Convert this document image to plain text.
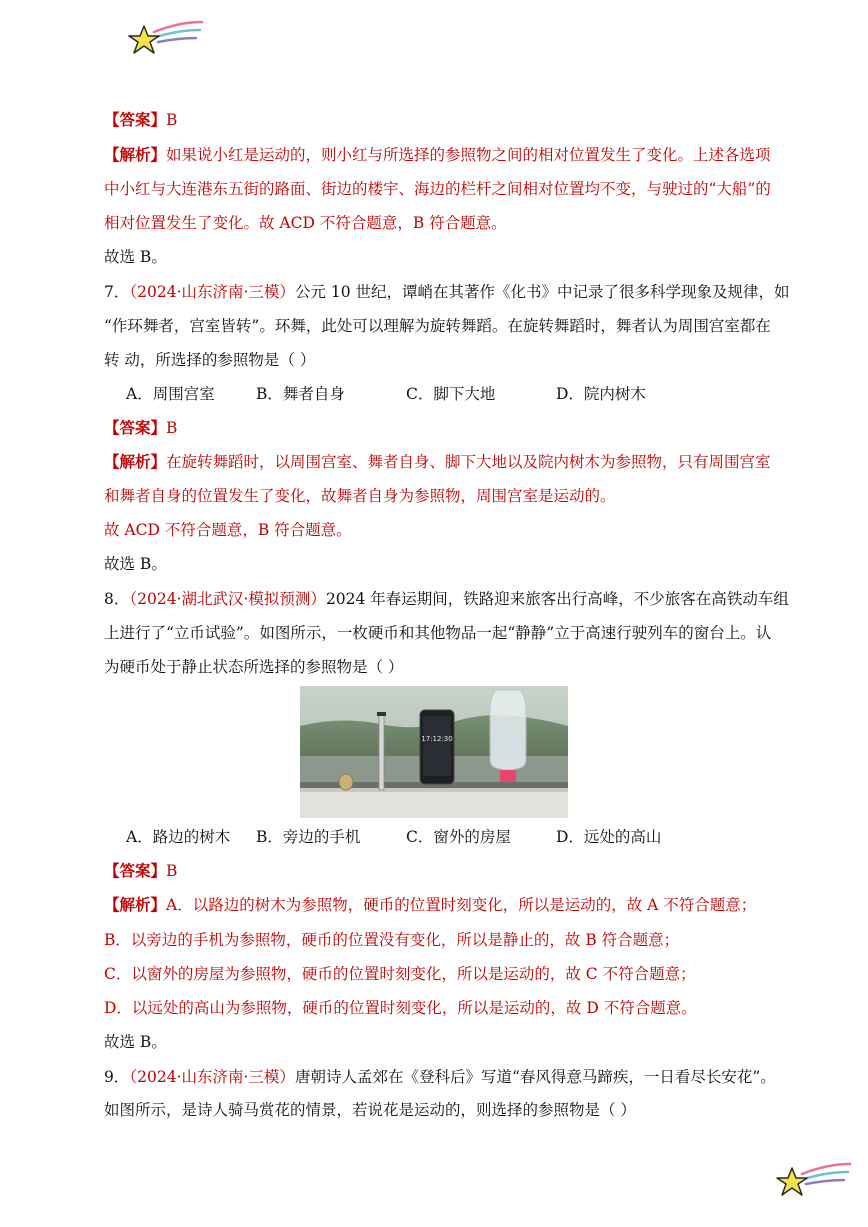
【答案】B
【解析】如果说小红是运动的，则小红与所选择的参照物之间的相对位置发生了变化。上述各选项
中小红与大连港东五街的路面、街边的楼宇、海边的栏杆之间相对位置均不变，与驶过的“大船”的
相对位置发生了变化。故 ACD 不符合题意，B 符合题意。
故选 B。
7．（2024·山东济南·三模）公元 10 世纪，谭峭在其著作《化书》中记录了很多科学现象及规律，如
“作环舞者，宫室皆转”。环舞，此处可以理解为旋转舞蹈。在旋转舞蹈时，舞者认为周围宫室都在
转 动，所选择的参照物是（ ）
A．周围宫室	B．舞者自身	C．脚下大地	D．院内树木
【答案】B
【解析】在旋转舞蹈时，以周围宫室、舞者自身、脚下大地以及院内树木为参照物，只有周围宫室
和舞者自身的位置发生了变化，故舞者自身为参照物，周围宫室是运动的。
故 ACD 不符合题意，B 符合题意。
故选 B。
8．（2024·湖北武汉·模拟预测）2024 年春运期间，铁路迎来旅客出行高峰，不少旅客在高铁动车组
上进行了“立币试验”。如图所示，一枚硬币和其他物品一起“静静”立于高速行驶列车的窗台上。认
为硬币处于静止状态所选择的参照物是（ ）
17:12:30
A．路边的树木 B．旁边的手机	C．窗外的房屋	D．远处的高山
【答案】B
【解析】A．以路边的树木为参照物，硬币的位置时刻变化，所以是运动的，故 A 不符合题意；
B．以旁边的手机为参照物，硬币的位置没有变化，所以是静止的，故 B 符合题意；
C．以窗外的房屋为参照物，硬币的位置时刻变化，所以是运动的，故 C 不符合题意；
D．以远处的高山为参照物，硬币的位置时刻变化，所以是运动的，故 D 不符合题意。
故选 B。
9．（2024·山东济南·三模）唐朝诗人孟郊在《登科后》写道“春风得意马蹄疾，一日看尽长安花”。
如图所示，是诗人骑马赏花的情景，若说花是运动的，则选择的参照物是（ ）
